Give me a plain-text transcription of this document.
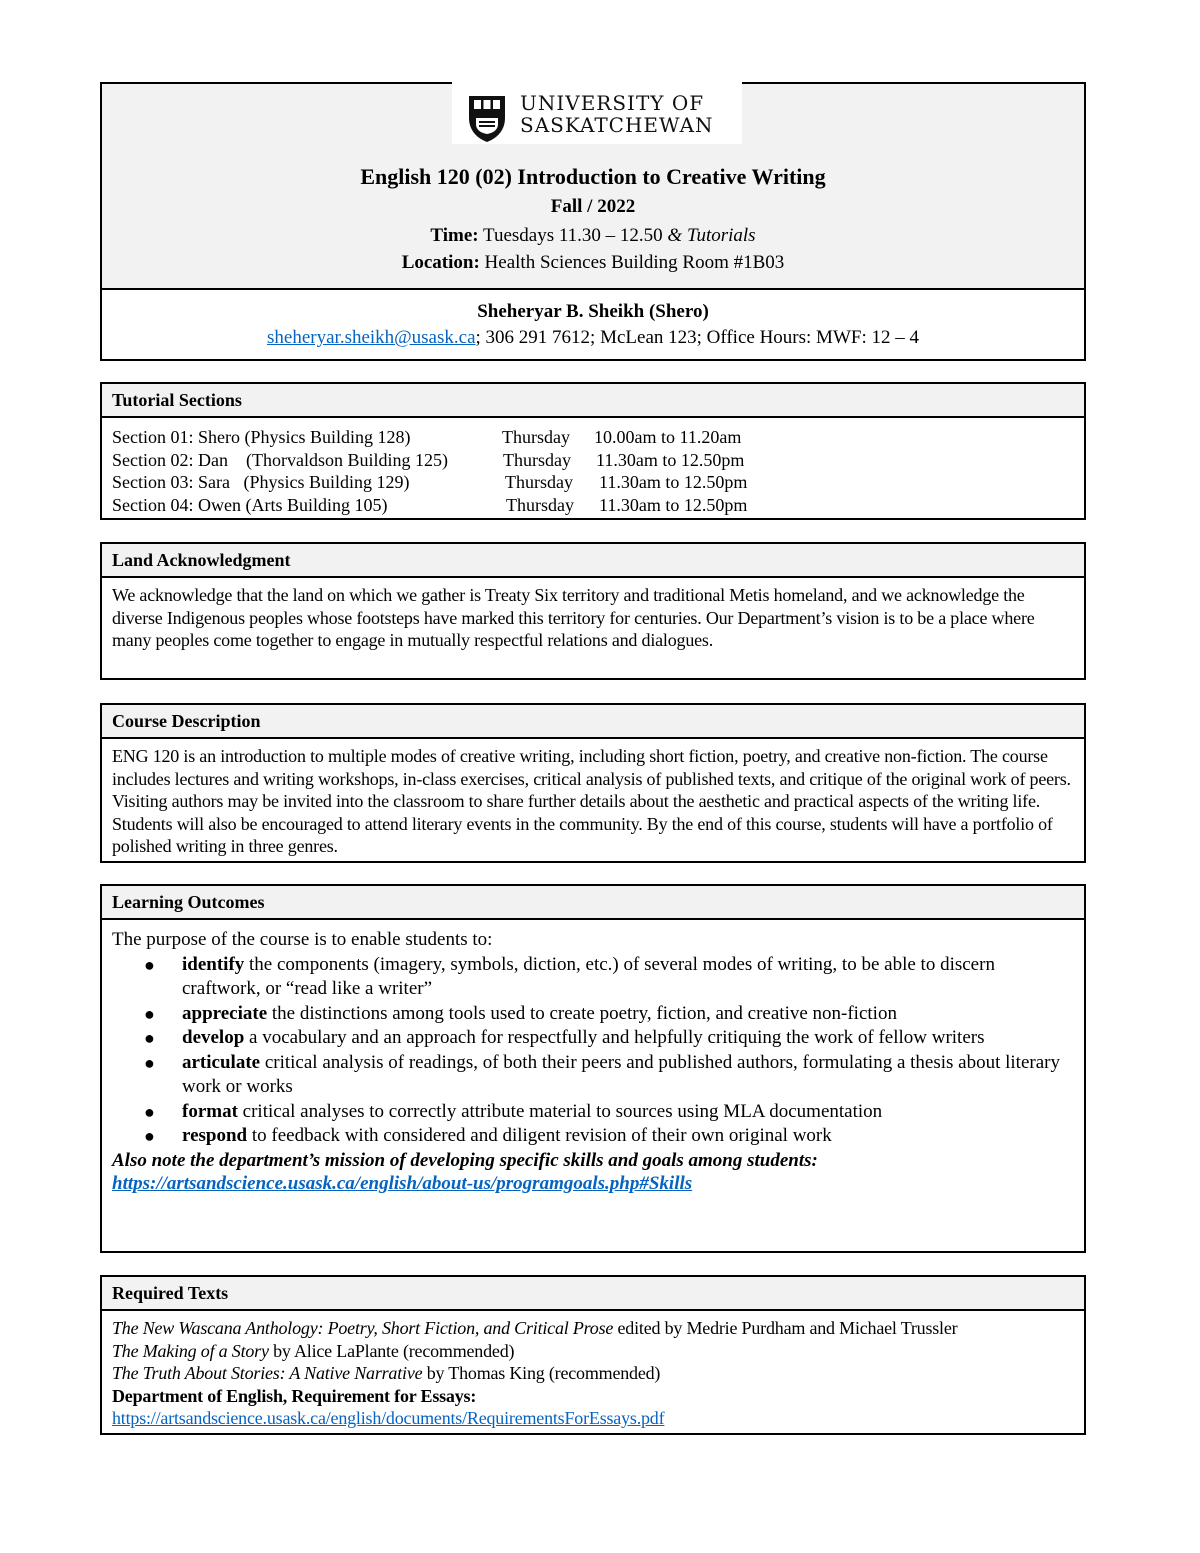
UNIVERSITY OF
SASKATCHEWAN
English 120 (02) Introduction to Creative Writing
Fall / 2022
Time: Tuesdays 11.30 – 12.50 & Tutorials
Location: Health Sciences Building Room #1B03
Sheheryar B. Sheikh (Shero)
sheheryar.sheikh@usask.ca; 306 291 7612; McLean 123; Office Hours: MWF: 12 – 4
Tutorial Sections
Section 01: Shero (Physics Building 128)	Thursday 10.00am to 11.20am
Section 02: Dan    (Thorvaldson Building 125)	Thursday 11.30am to 12.50pm
Section 03: Sara   (Physics Building 129)	Thursday 11.30am to 12.50pm
Section 04: Owen (Arts Building 105)	Thursday 11.30am to 12.50pm
Land Acknowledgment
We acknowledge that the land on which we gather is Treaty Six territory and traditional Metis homeland, and we acknowledge the diverse Indigenous peoples whose footsteps have marked this territory for centuries. Our Department’s vision is to be a place where many peoples come together to engage in mutually respectful relations and dialogues.
Course Description
ENG 120 is an introduction to multiple modes of creative writing, including short fiction, poetry, and creative non-fiction. The course includes lectures and writing workshops, in-class exercises, critical analysis of published texts, and critique of the original work of peers. Visiting authors may be invited into the classroom to share further details about the aesthetic and practical aspects of the writing life. Students will also be encouraged to attend literary events in the community. By the end of this course, students will have a portfolio of polished writing in three genres.
Learning Outcomes
The purpose of the course is to enable students to:
● identify the components (imagery, symbols, diction, etc.) of several modes of writing, to be able to discern craftwork, or “read like a writer”
● appreciate the distinctions among tools used to create poetry, fiction, and creative non-fiction
● develop a vocabulary and an approach for respectfully and helpfully critiquing the work of fellow writers
● articulate critical analysis of readings, of both their peers and published authors, formulating a thesis about literary work or works
● format critical analyses to correctly attribute material to sources using MLA documentation
● respond to feedback with considered and diligent revision of their own original work
Also note the department’s mission of developing specific skills and goals among students:
https://artsandscience.usask.ca/english/about-us/programgoals.php#Skills
Required Texts
The New Wascana Anthology: Poetry, Short Fiction, and Critical Prose edited by Medrie Purdham and Michael Trussler
The Making of a Story by Alice LaPlante (recommended)
The Truth About Stories: A Native Narrative by Thomas King (recommended)
Department of English, Requirement for Essays:
https://artsandscience.usask.ca/english/documents/RequirementsForEssays.pdf
